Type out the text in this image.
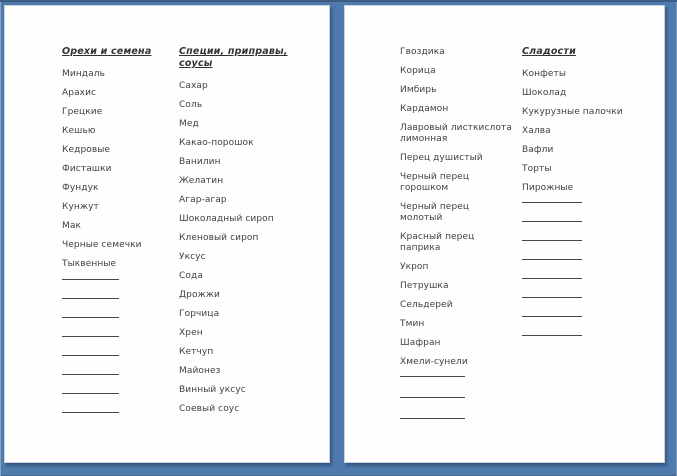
Орехи и семена
Миндаль
Арахис
Грецкие
Кешью
Кедровые
Фисташки
Фундук
Кунжут
Мак
Черные семечки
Тыквенные
Специи, приправы, соусы
Сахар
Соль
Мед
Какао-порошок
Ванилин
Желатин
Агар-агар
Шоколадный сироп
Кленовый сироп
Уксус
Сода
Дрожжи
Горчица
Хрен
Кетчуп
Майонез
Винный уксус
Соевый соус
Гвоздика
Корица
Имбирь
Кардамон
Лавровый листкислота лимонная
Перец душистый
Черный перец горошком
Черный перец молотый
Красный перец паприка
Укроп
Петрушка
Сельдерей
Тмин
Шафран
Хмели-сунели
Сладости
Конфеты
Шоколад
Кукурузные палочки
Халва
Вафли
Торты
Пирожные
